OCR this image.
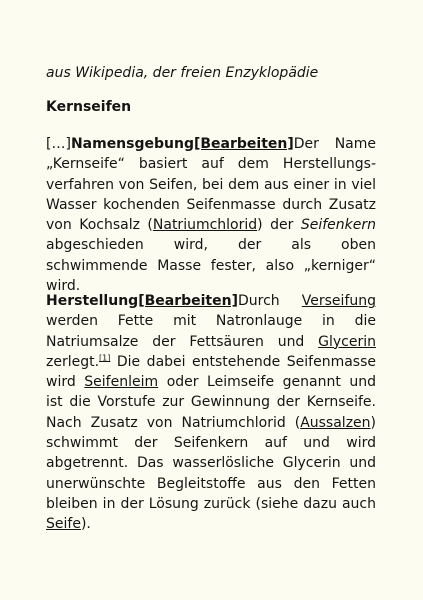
aus Wikipedia, der freien Enzyklopädie
Kernseifen
[…]Namensgebung[Bearbeiten]Der Name „Kernseife“ basiert auf dem Herstellungsverfahren von Seifen, bei dem aus einer in viel Wasser kochenden Seifenmasse durch Zusatz von Kochsalz (Natriumchlorid) der Seifenkern abgeschieden wird, der als oben schwimmende Masse fester, also „kerniger“ wird.
Herstellung[Bearbeiten]Durch Verseifung werden Fette mit Natronlauge in die Natriumsalze der Fettsäuren und Glycerin zerlegt.[1] Die dabei entstehende Seifenmasse wird Seifenleim oder Leimseife genannt und ist die Vorstufe zur Gewinnung der Kernseife. Nach Zusatz von Natriumchlorid (Aussalzen) schwimmt der Seifenkern auf und wird abgetrennt. Das wasserlösliche Glycerin und unerwünschte Begleitstoffe aus den Fetten bleiben in der Lösung zurück (siehe dazu auch Seife).
